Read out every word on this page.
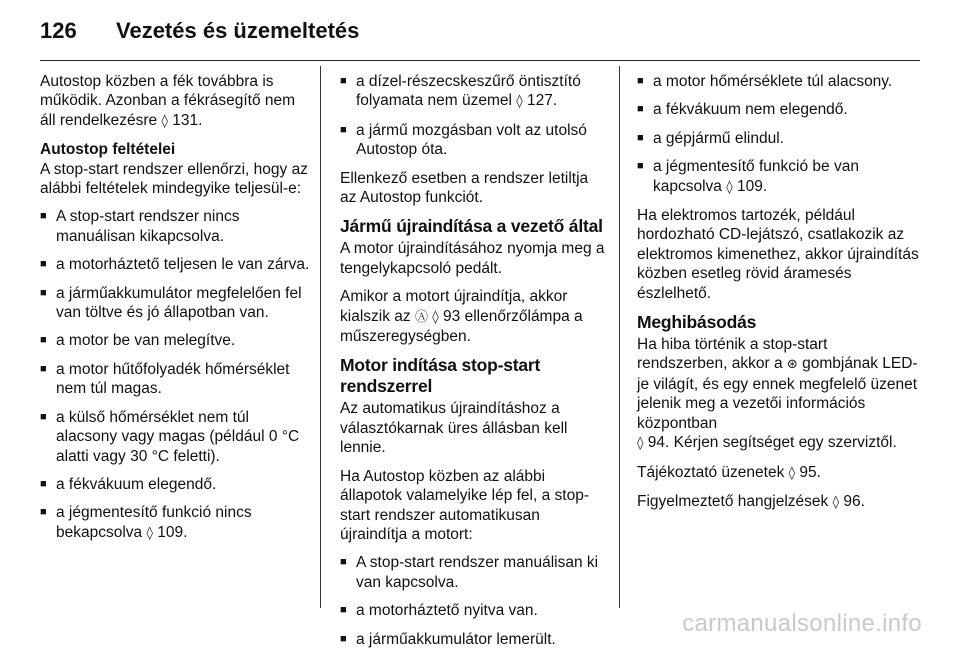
126 Vezetés és üzemeltetés

Autostop közben a fék továbbra is működik. Azonban a fékrásegítő nem áll rendelkezésre ◊ 131.

Autostop feltételei

A stop-start rendszer ellenőrzi, hogy az alábbi feltételek mindegyike teljesül-e:

■ A stop-start rendszer nincs manuálisan kikapcsolva.
■ a motorháztető teljesen le van zárva.
■ a járműakkumulátor megfelelően fel van töltve és jó állapotban van.
■ a motor be van melegítve.
■ a motor hűtőfolyadék hőmérséklet nem túl magas.
■ a külső hőmérséklet nem túl alacsony vagy magas (például 0 °C alatti vagy 30 °C feletti).
■ a fékvákuum elegendő.
■ a jégmentesítő funkció nincs bekapcsolva ◊ 109.
■ a dízel-részecskeszűrő öntisztító folyamata nem üzemel ◊ 127.
■ a jármű mozgásban volt az utolsó Autostop óta.

Ellenkező esetben a rendszer letiltja az Autostop funkciót.

Jármű újraindítása a vezető által

A motor újraindításához nyomja meg a tengelykapcsoló pedált.

Amikor a motort újraindítja, akkor kialszik az Ⓐ ◊ 93 ellenőrzőlámpa a műszeregységben.

Motor indítása stop-start rendszerrel

Az automatikus újraindításhoz a választókarnak üres állásban kell lennie.

Ha Autostop közben az alábbi állapotok valamelyike lép fel, a stop-start rendszer automatikusan újraindítja a motort:

■ A stop-start rendszer manuálisan ki van kapcsolva.
■ a motorháztető nyitva van.
■ a járműakkumulátor lemerült.
■ a motor hőmérséklete túl alacsony.
■ a fékvákuum nem elegendő.
■ a gépjármű elindul.
■ a jégmentesítő funkció be van kapcsolva ◊ 109.

Ha elektromos tartozék, például hordozható CD-lejátszó, csatlakozik az elektromos kimenethez, akkor újraindítás közben esetleg rövid áramesés észlelhető.

Meghibásodás

Ha hiba történik a stop-start rendszerben, akkor a ⊛ gombjának LED-je világít, és egy ennek megfelelő üzenet jelenik meg a vezetői információs központban
◊ 94. Kérjen segítséget egy szerviztől.

Tájékoztató üzenetek ◊ 95.

Figyelmeztető hangjelzések ◊ 96.

carmanualsonline.info
